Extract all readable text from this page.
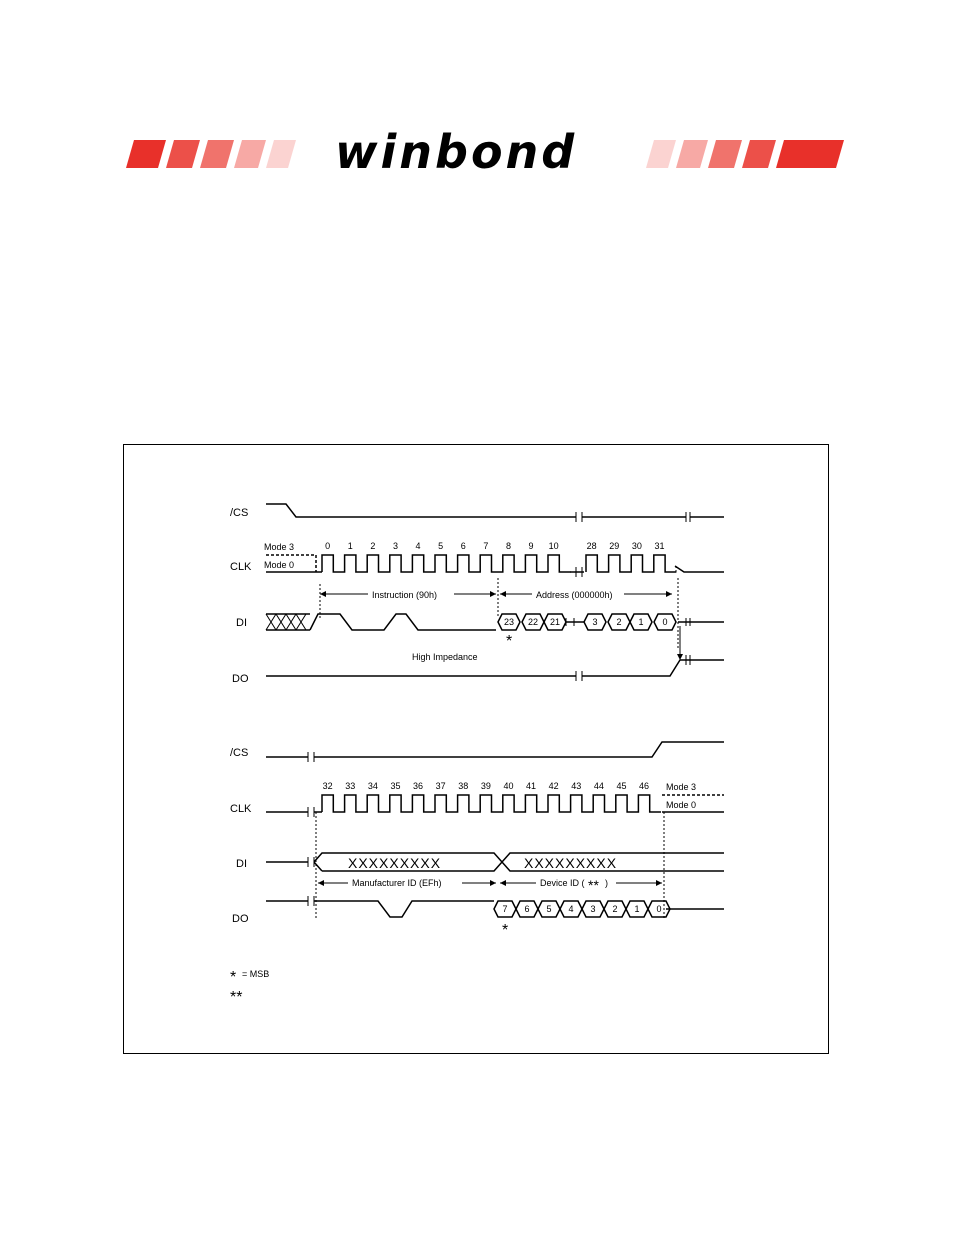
winbond
/CS
CLK
DI
DO
Mode 3
Mode 0
0 1 2 3 4 5 6 7 8 9 10	28 29 30 31
Instruction (90h)	Address (000000h)
23 22 21	3 2 1 0
*
High Impedance
/CS
CLK
DI
DO
32 33 34 35 36 37 38 39 40 41 42 43 44 45 46 Mode 3
Mode 0
XXXXXXXXX	XXXXXXXXX
Manufacturer ID (EFh)	Device ID ( ** )
7 6 5 4 3 2 1 0
*
* = MSB
**
